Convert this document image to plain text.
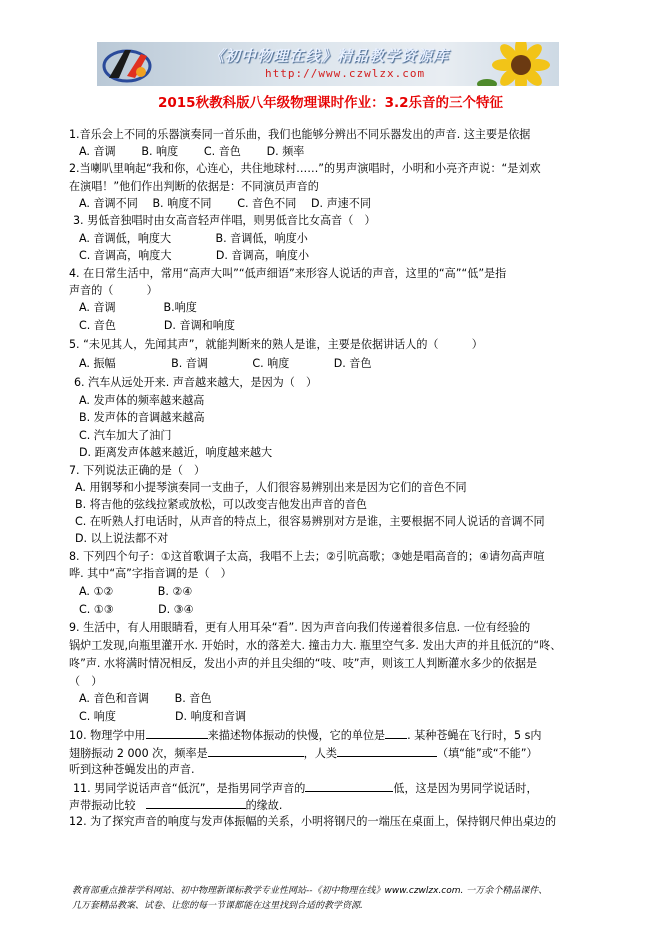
《初中物理在线》精品教学资源库
http://www.czwlzx.com
2015秋教科版八年级物理课时作业：3.2乐音的三个特征
1.音乐会上不同的乐器演奏同一首乐曲，我们也能够分辨出不同乐器发出的声音. 这主要是依据
A. 音调　　 B. 响度　　 C. 音色　　 D. 频率
2.当喇叭里响起“我和你，心连心，共住地球村……”的男声演唱时，小明和小亮齐声说：“是刘欢
在演唱！”他们作出判断的依据是：不同演员声音的
A. 音调不同　 B. 响度不同　　 C. 音色不同　 D. 声速不同
3. 男低音独唱时由女高音轻声伴唱，则男低音比女高音（　）
A. 音调低，响度大　　　　B. 音调低，响度小
C. 音调高，响度大　　　　D. 音调高，响度小
4. 在日常生活中，常用“高声大叫”“低声细语”来形容人说话的声音，这里的“高”“低”是指
声音的（　　　）
A. 音调　　　　 B.响度
C. 音色　　　　 D. 音调和响度
5. “未见其人，先闻其声”，就能判断来的熟人是谁，主要是依据讲话人的（　　　）
A. 振幅　　　　　B. 音调　　　　C. 响度　　　　D. 音色
6. 汽车从远处开来. 声音越来越大，是因为（　）
A. 发声体的频率越来越高
B. 发声体的音调越来越高
C. 汽车加大了油门
D. 距离发声体越来越近，响度越来越大
7. 下列说法正确的是（　）
A. 用钢琴和小提琴演奏同一支曲子，人们很容易辨别出来是因为它们的音色不同
B. 将吉他的弦线拉紧或放松，可以改变吉他发出声音的音色
C. 在听熟人打电话时，从声音的特点上，很容易辨别对方是谁，主要根据不同人说话的音调不同
D. 以上说法都不对
8. 下列四个句子：①这首歌调子太高，我唱不上去；②引吭高歌；③她是唱高音的；④请勿高声喧
哗. 其中“高”字指音调的是（　）
A. ①②　　　　B. ②④
C. ①③　　　　D. ③④
9. 生活中，有人用眼睛看，更有人用耳朵“看”. 因为声音向我们传递着很多信息. 一位有经验的
锅炉工发现,向瓶里灌开水. 开始时，水的落差大. 撞击力大. 瓶里空气多. 发出大声的并且低沉的“咚、
咚”声. 水将满时情况相反，发出小声的并且尖细的“吱、吱”声，则该工人判断灌水多少的依据是
（　）
A. 音色和音调　　 B. 音色
C. 响度　　　　　 D. 响度和音调
10. 物理学中用	来描述物体振动的快慢，它的单位是 . 某种苍蝇在飞行时，5 s内
翅膀振动 2 000 次，频率是	，人类	（填“能”或“不能”）
听到这种苍蝇发出的声音.
11. 男同学说话声音“低沉”，是指男同学声音的	低，这是因为男同学说话时，
声带振动比较	的缘故.
12. 为了探究声音的响度与发声体振幅的关系，小明将钢尺的一端压在桌面上，保持钢尺伸出桌边的
教育部重点推荐学科网站、初中物理新课标教学专业性网站--《初中物理在线》www.czwlzx.com. 一万余个精品课件、
几万套精品教案、试卷、让您的每一节课都能在这里找到合适的教学资源.
